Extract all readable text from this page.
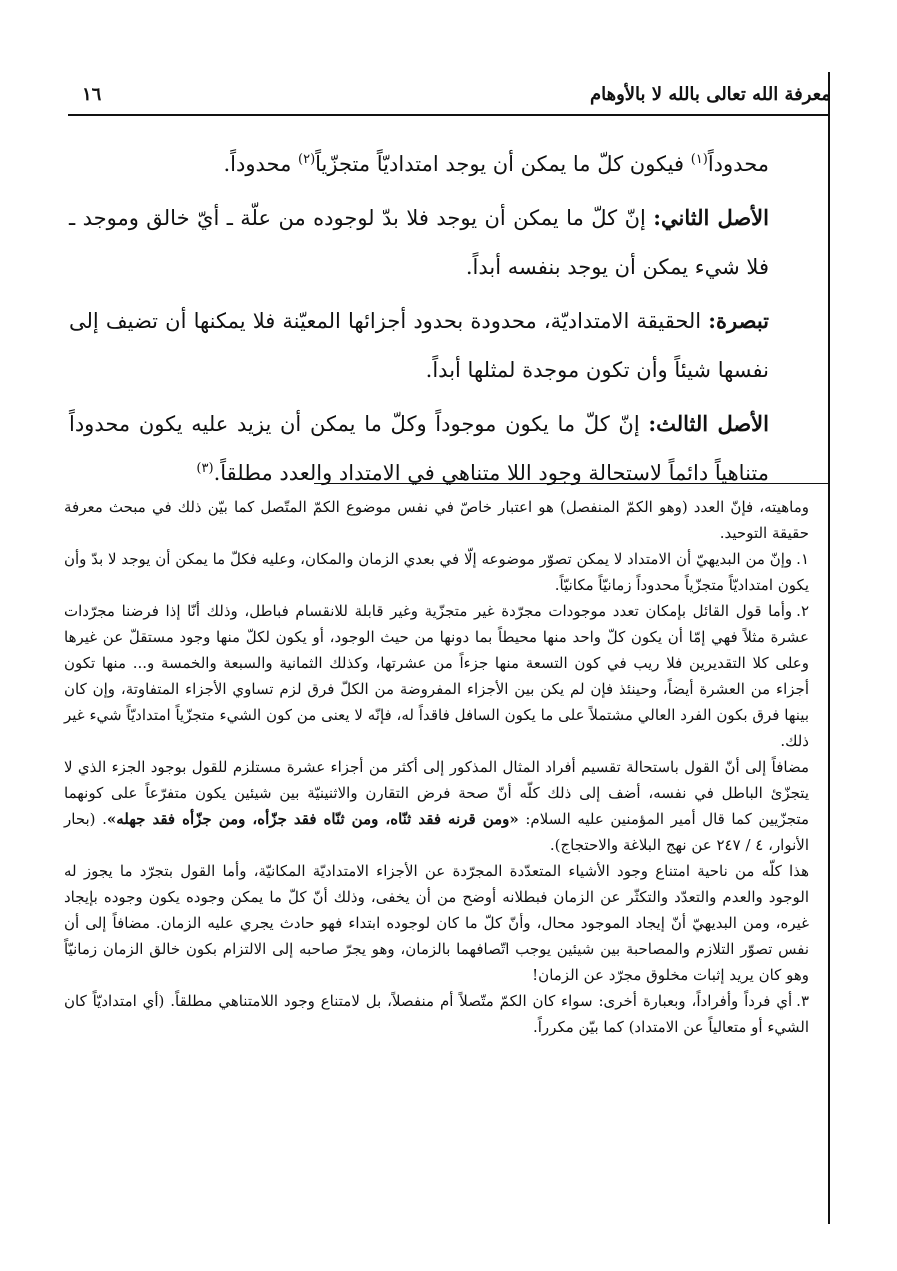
معرفة الله تعالى بالله لا بالأوهام
١٦

محدوداً$^{(١)}$ فيكون كلّ ما يمكن أن يوجد امتداديّاً متجزّياً$^{(٢)}$ محدوداً.

الأصل الثاني: إنّ كلّ ما يمكن أن يوجد فلا بدّ لوجوده من علّة ـ أيّ خالق وموجد ـ فلا شيء يمكن أن يوجد بنفسه أبداً.

تبصرة: الحقيقة الامتداديّة، محدودة بحدود أجزائها المعيّنة فلا يمكنها أن تضيف إلى نفسها شيئاً وأن تكون موجدة لمثلها أبداً.

الأصل الثالث: إنّ كلّ ما يكون موجوداً وكلّ ما يمكن أن يزيد عليه يكون محدوداً متناهياً دائماً لاستحالة وجود اللا متناهي في الامتداد والعدد مطلقاً.$^{(٣)}$

وماهيته، فإنّ العدد (وهو الكمّ المنفصل) هو اعتبار خاصّ في نفس موضوع الكمّ المتّصل كما بيّن ذلك في مبحث معرفة حقيقة التوحيد.

١.وإنّ من البديهيّ أن الامتداد لا يمكن تصوّر موضوعه إلّا في بعدي الزمان والمكان، وعليه فكلّ ما يمكن أن يوجد لا بدّ وأن يكون امتداديّاً متجزّياً محدوداً زمانيّاً مكانيّاً.

٢.وأما قول القائل بإمكان تعدد موجودات مجرّدة غير متجزّية وغير قابلة للانقسام فباطل، وذلك أنّا إذا فرضنا مجرّدات عشرة مثلاً فهي إمّا أن يكون كلّ واحد منها محيطاً بما دونها من حيث الوجود، أو يكون لكلّ منها وجود مستقلّ عن غيرها وعلى كلا التقديرين فلا ريب في كون التسعة منها جزءاً من عشرتها، وكذلك الثمانية والسبعة والخمسة و... منها تكون أجزاء من العشرة أيضاً، وحينئذ فإن لم يكن بين الأجزاء المفروضة من الكلّ فرق لزم تساوي الأجزاء المتفاوتة، وإن كان بينها فرق بكون الفرد العالي مشتملاً على ما يكون السافل فاقداً له، فإنّه لا يعنى من كون الشيء متجزّياً امتداديّاً شيء غير ذلك.

مضافاً إلى أنّ القول باستحالة تقسيم أفراد المثال المذكور إلى أكثر من أجزاء عشرة مستلزم للقول بوجود الجزء الذي لا يتجزّئ الباطل في نفسه، أضف إلى ذلك كلّه أنّ صحة فرض التقارن والاثنينيّة بين شيئين يكون متفرّعاً على كونهما متجزّيين كما قال أمير المؤمنين عليه السلام: «ومن قرنه فقد ثنّاه، ومن ثنّاه فقد جزّأه، ومن جزّأه فقد جهله». (بحار الأنوار، ٤ / ٢٤٧ عن نهج البلاغة والاحتجاج).

هذا كلّه من ناحية امتناع وجود الأشياء المتعدّدة المجرّدة عن الأجزاء الامتداديّة المكانيّة، وأما القول بتجرّد ما يجوز له الوجود والعدم والتعدّد والتكثّر عن الزمان فبطلانه أوضح من أن يخفى، وذلك أنّ كلّ ما يمكن وجوده يكون وجوده بإيجاد غيره، ومن البديهيّ أنّ إيجاد الموجود محال، وأنّ كلّ ما كان لوجوده ابتداء فهو حادث يجري عليه الزمان. مضافاً إلى أن نفس تصوّر التلازم والمصاحبة بين شيئين يوجب اتّصافهما بالزمان، وهو يجرّ صاحبه إلى الالتزام بكون خالق الزمان زمانيّاً وهو كان يريد إثبات مخلوق مجرّد عن الزمان!

٣.أي فرداً وأفراداً، وبعبارة أخرى: سواء كان الكمّ متّصلاً أم منفصلاً، بل لامتناع وجود اللامتناهي مطلقاً. (أي امتداديّاً كان الشيء أو متعالياً عن الامتداد) كما بيّن مكرراً.
